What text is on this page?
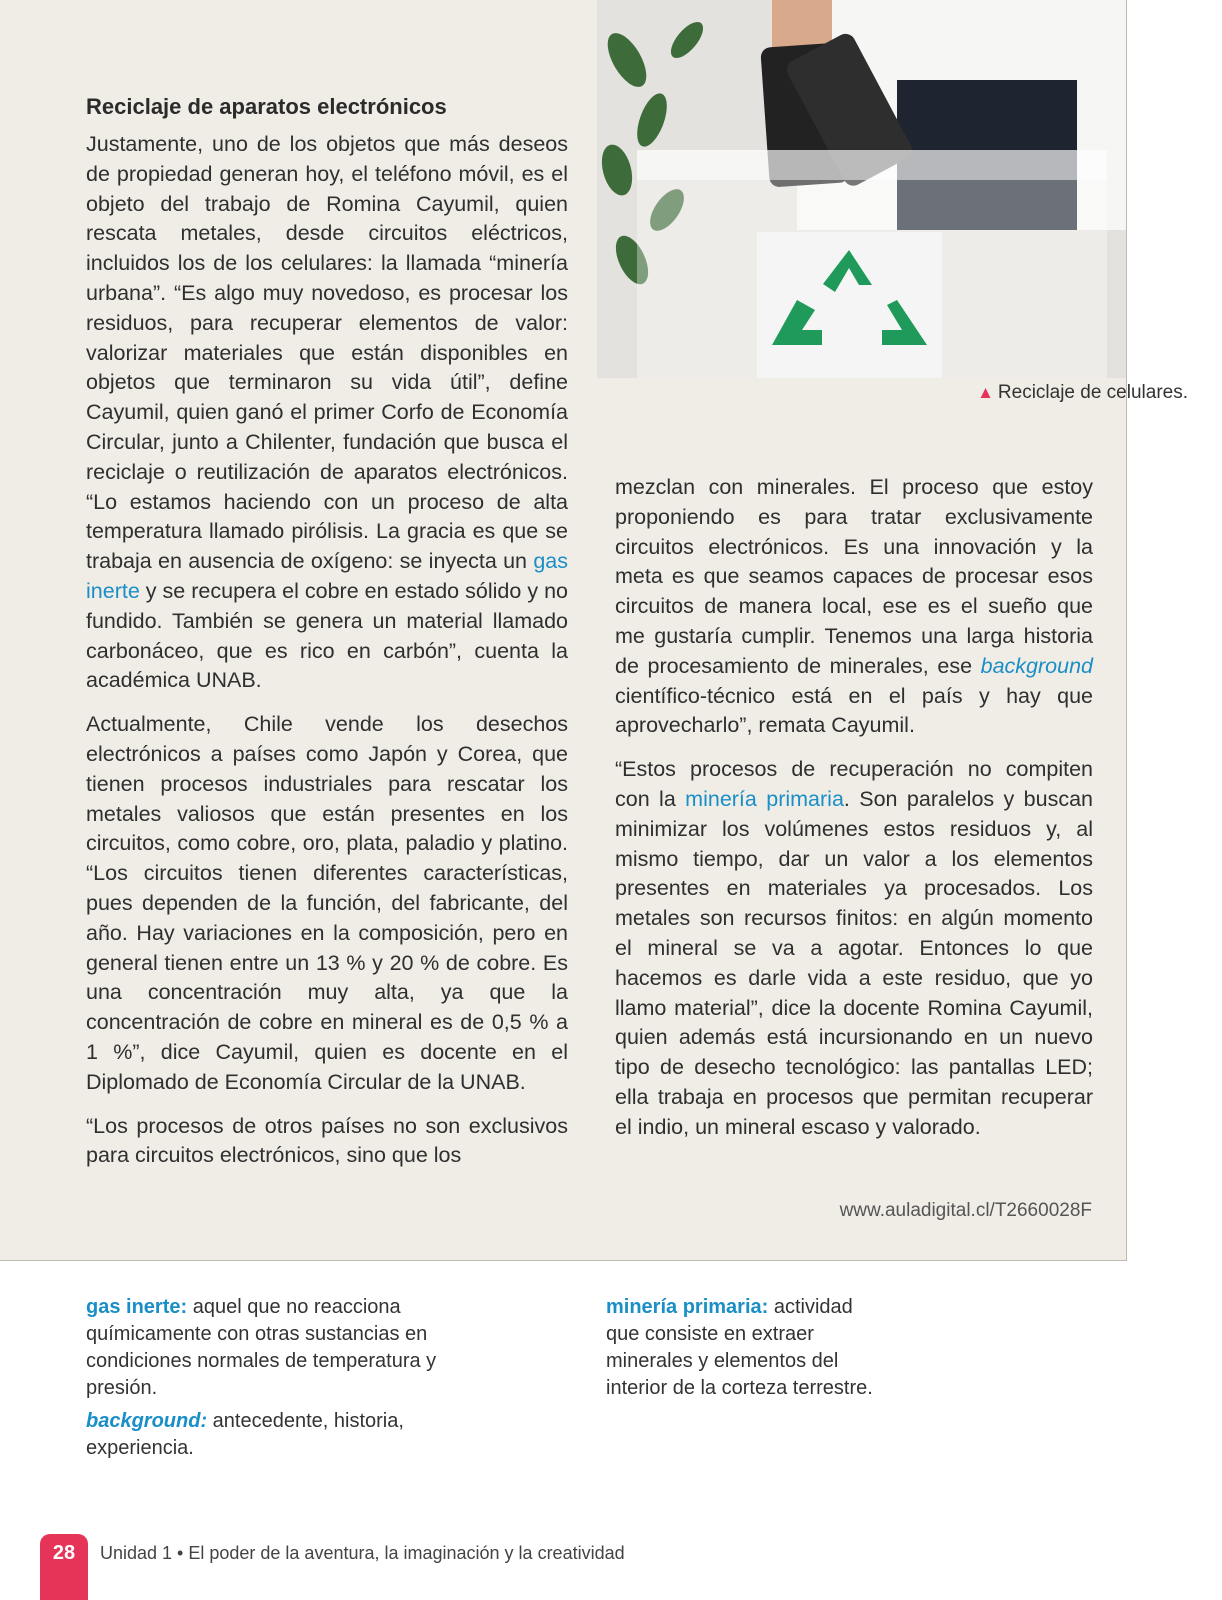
▲ Reciclaje de celulares.
Reciclaje de aparatos electrónicos

Justamente, uno de los objetos que más deseos de propiedad generan hoy, el teléfono móvil, es el objeto del trabajo de Romina Cayumil, quien rescata metales, desde circuitos eléctricos, incluidos los de los celulares: la llamada “minería urbana”. “Es algo muy novedoso, es procesar los residuos, para recuperar elementos de valor: valorizar materiales que están disponibles en objetos que terminaron su vida útil”, define Cayumil, quien ganó el primer Corfo de Economía Circular, junto a Chilenter, fundación que busca el reciclaje o reutilización de aparatos electrónicos. “Lo estamos haciendo con un proceso de alta temperatura llamado pirólisis. La gracia es que se trabaja en ausencia de oxígeno: se inyecta un gas inerte y se recupera el cobre en estado sólido y no fundido. También se genera un material llamado carbonáceo, que es rico en carbón”, cuenta la académica UNAB.

Actualmente, Chile vende los desechos electrónicos a países como Japón y Corea, que tienen procesos industriales para rescatar los metales valiosos que están presentes en los circuitos, como cobre, oro, plata, paladio y platino. “Los circuitos tienen diferentes características, pues dependen de la función, del fabricante, del año. Hay variaciones en la composición, pero en general tienen entre un 13 % y 20 % de cobre. Es una concentración muy alta, ya que la concentración de cobre en mineral es de 0,5 % a 1 %”, dice Cayumil, quien es docente en el Diplomado de Economía Circular de la UNAB.

“Los procesos de otros países no son exclusivos para circuitos electrónicos, sino que los

mezclan con minerales. El proceso que estoy proponiendo es para tratar exclusivamente circuitos electrónicos. Es una innovación y la meta es que seamos capaces de procesar esos circuitos de manera local, ese es el sueño que me gustaría cumplir. Tenemos una larga historia de procesamiento de minerales, ese background científico-técnico está en el país y hay que aprovecharlo”, remata Cayumil.

“Estos procesos de recuperación no compiten con la minería primaria. Son paralelos y buscan minimizar los volúmenes estos residuos y, al mismo tiempo, dar un valor a los elementos presentes en materiales ya procesados. Los metales son recursos finitos: en algún momento el mineral se va a agotar. Entonces lo que hacemos es darle vida a este residuo, que yo llamo material”, dice la docente Romina Cayumil, quien además está incursionando en un nuevo tipo de desecho tecnológico: las pantallas LED; ella trabaja en procesos que permitan recuperar el indio, un mineral escaso y valorado.

www.auladigital.cl/T2660028F

gas inerte: aquel que no reacciona químicamente con otras sustancias en condiciones normales de temperatura y presión.

background: antecedente, historia, experiencia.

minería primaria: actividad que consiste en extraer minerales y elementos del interior de la corteza terrestre.

28	Unidad 1 • El poder de la aventura, la imaginación y la creatividad
